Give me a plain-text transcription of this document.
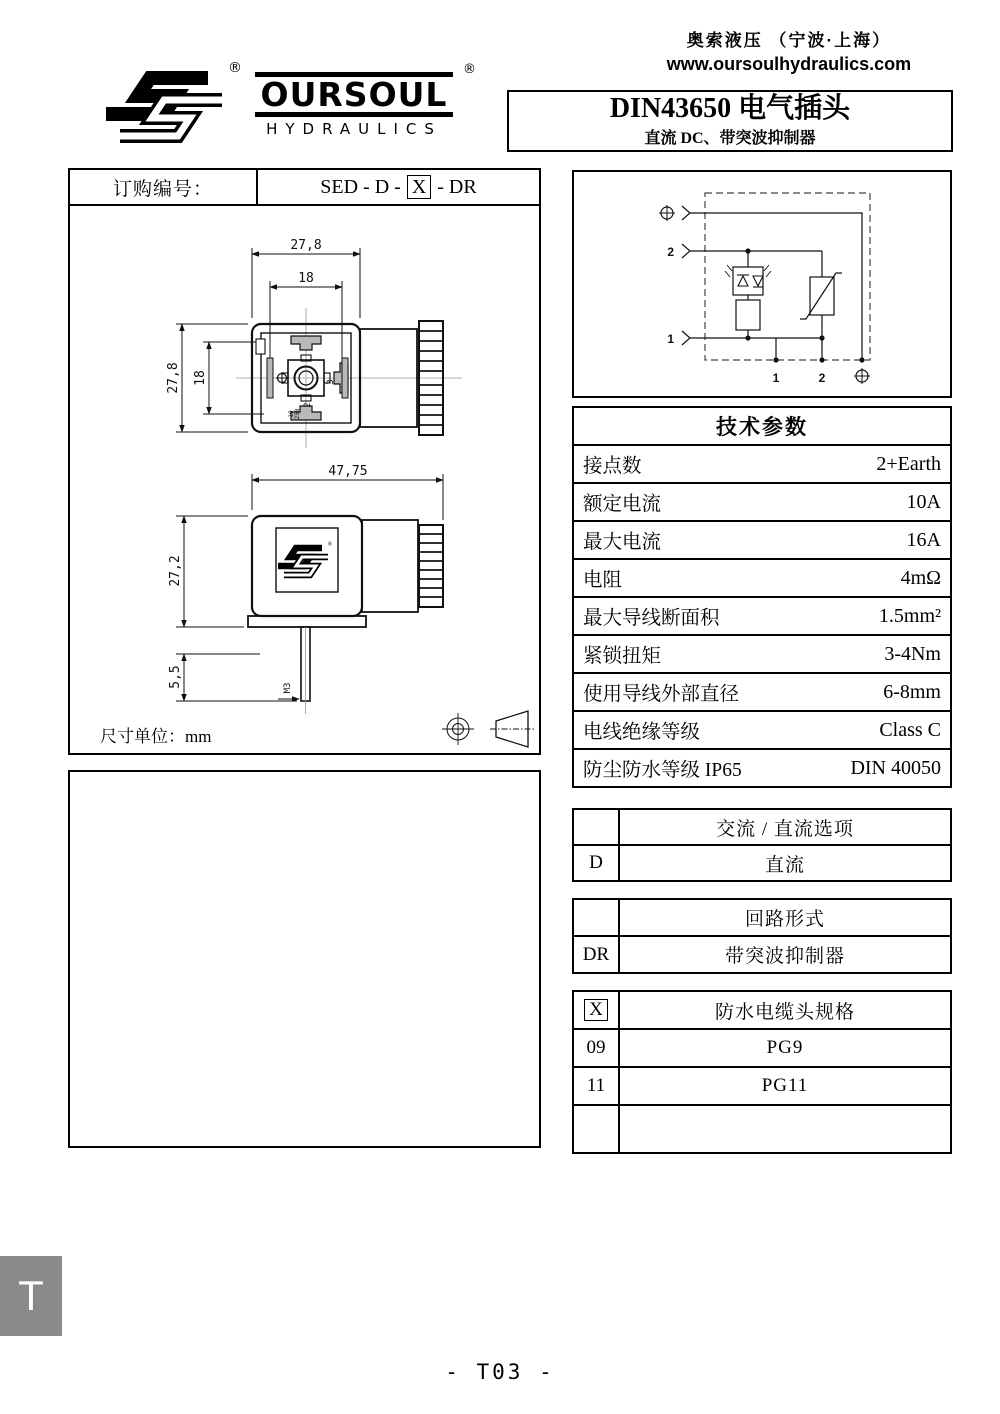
奥索液压 （宁波·上海）
www.oursoulhydraulics.com
®
OURSOUL
®
HYDRAULICS
DIN43650 电气插头
直流 DC、带突波抑制器
订购编号：	SED - D - X - DR
27,8
18
27,8 18
2
3
10 250
47,75
27,2
5,5
®
M3
尺寸单位：mm
2
1
1	2
技术参数
接点数	2+Earth
额定电流	10A
最大电流	16A
电阻	4mΩ
最大导线断面积	1.5mm²
紧锁扭矩	3-4Nm
使用导线外部直径	6-8mm
电线绝缘等级	Class C
防尘防水等级 IP65	DIN 40050
交流 / 直流选项
D	直流
回路形式
DR	带突波抑制器
X	防水电缆头规格
09	PG9
11	PG11
T
- T03 -
